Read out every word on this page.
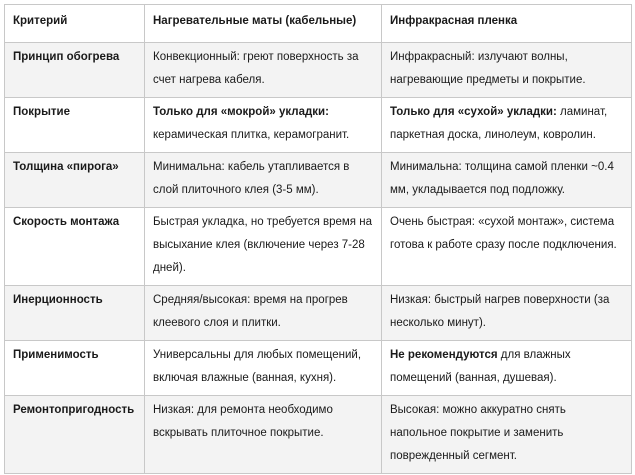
Критерий	Нагревательные маты (кабельные)	Инфракрасная пленка
Принцип обогрева	Конвекционный: греют поверхность за счет нагрева кабеля.	Инфракрасный: излучают волны, нагревающие предметы и покрытие.
Покрытие	Только для «мокрой» укладки: керамическая плитка, керамогранит.	Только для «сухой» укладки: ламинат, паркетная доска, линолеум, ковролин.
Толщина «пирога»	Минимальна: кабель утапливается в слой плиточного клея (3-5 мм).	Минимальна: толщина самой пленки ~0.4 мм, укладывается под подложку.
Скорость монтажа	Быстрая укладка, но требуется время на высыхание клея (включение через 7-28 дней).	Очень быстрая: «сухой монтаж», система готова к работе сразу после подключения.
Инерционность	Средняя/высокая: время на прогрев клеевого слоя и плитки.	Низкая: быстрый нагрев поверхности (за несколько минут).
Применимость	Универсальны для любых помещений, включая влажные (ванная, кухня).	Не рекомендуются для влажных помещений (ванная, душевая).
Ремонтопригодность	Низкая: для ремонта необходимо вскрывать плиточное покрытие.	Высокая: можно аккуратно снять напольное покрытие и заменить поврежденный сегмент.
